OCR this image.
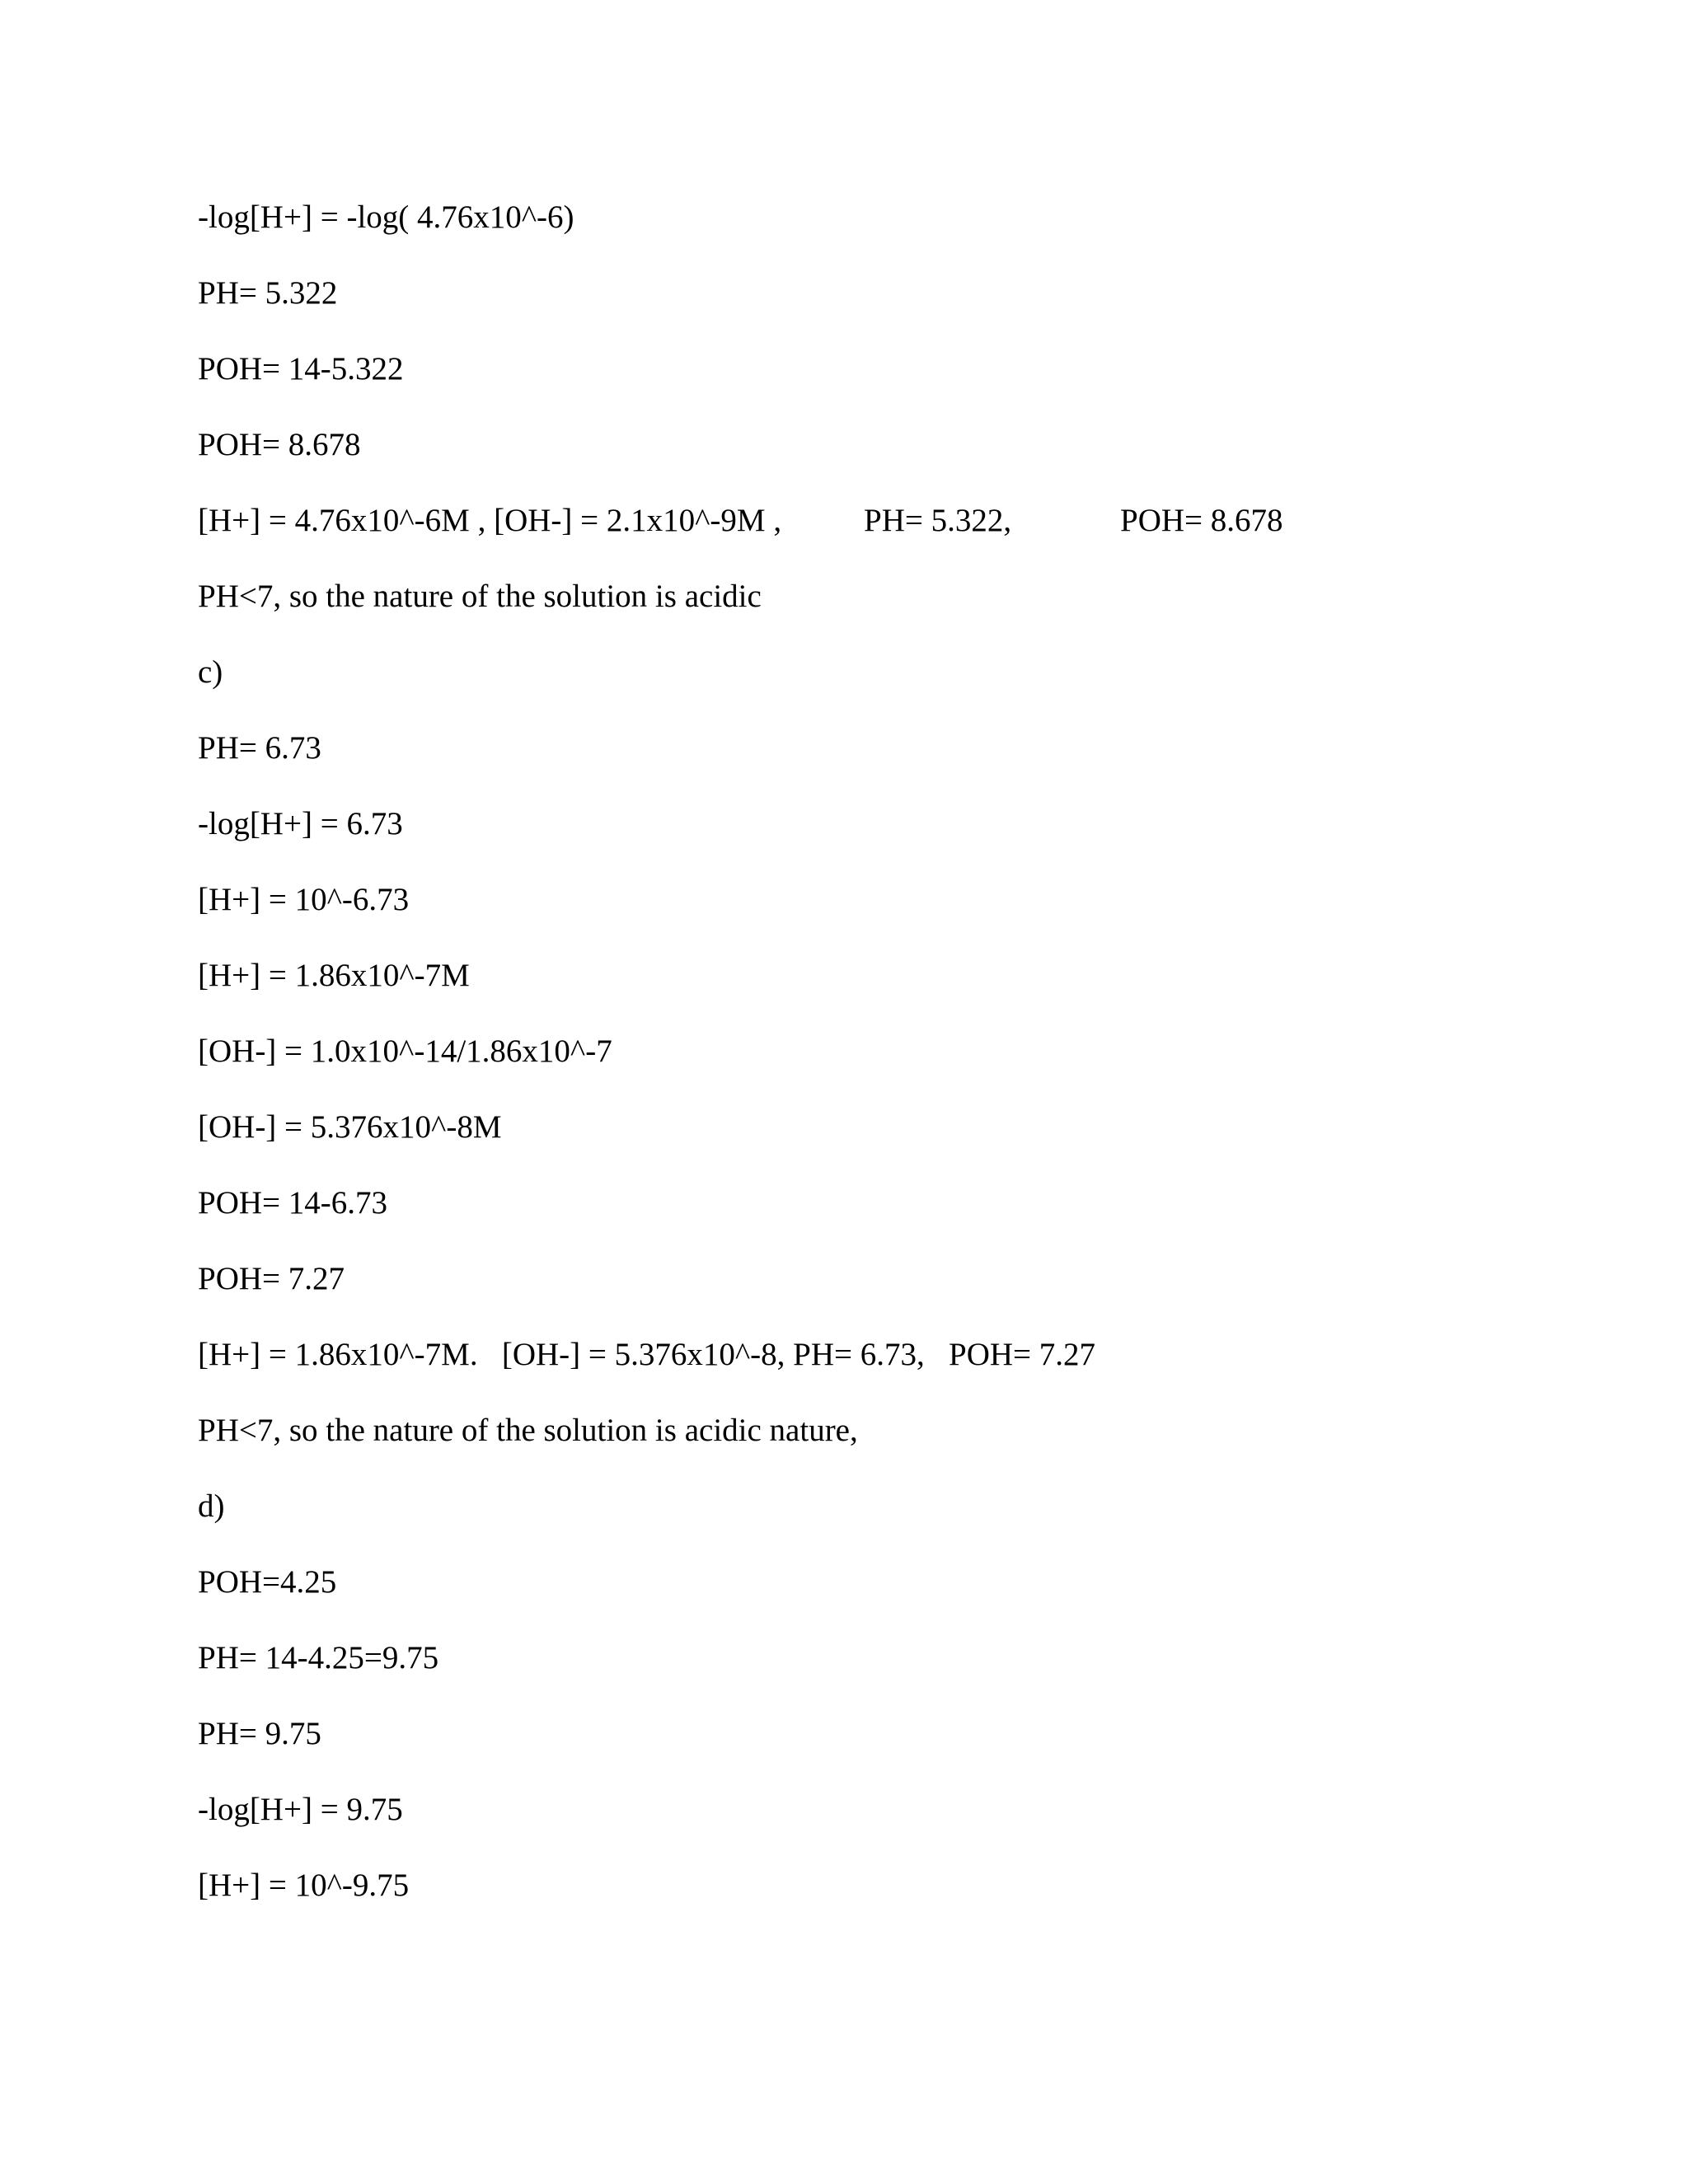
-log[H+] = -log( 4.76x10^-6)

PH= 5.322

POH= 14-5.322

POH= 8.678

[H+] = 4.76x10^-6M , [OH-] = 2.1x10^-9M ,	PH= 5.322,	POH= 8.678

PH<7, so the nature of the solution is acidic

c)

PH= 6.73

-log[H+] = 6.73

[H+] = 10^-6.73

[H+] = 1.86x10^-7M

[OH-] = 1.0x10^-14/1.86x10^-7

[OH-] = 5.376x10^-8M

POH= 14-6.73

POH= 7.27

[H+] = 1.86x10^-7M.   [OH-] = 5.376x10^-8, PH= 6.73,   POH= 7.27

PH<7, so the nature of the solution is acidic nature,

d)

POH=4.25

PH= 14-4.25=9.75

PH= 9.75

-log[H+] = 9.75

[H+] = 10^-9.75
